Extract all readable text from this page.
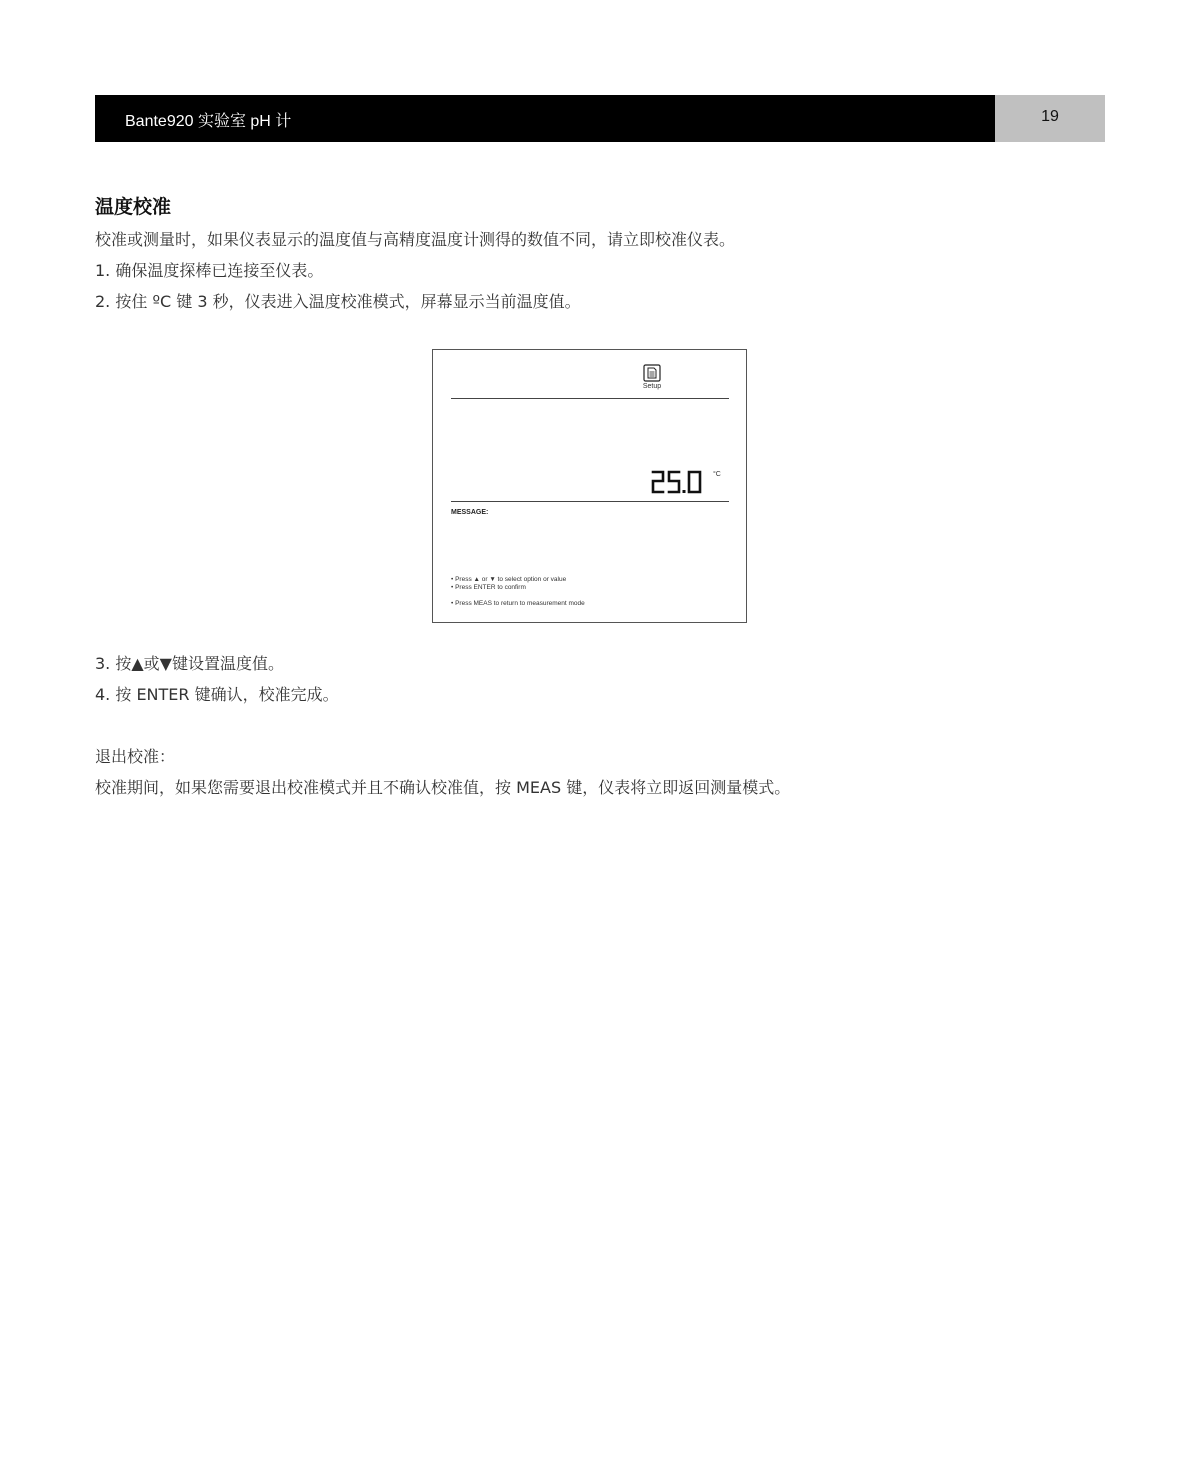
Bante920 实验室 pH 计	19
温度校准
校准或测量时，如果仪表显示的温度值与高精度温度计测得的数值不同，请立即校准仪表。
1. 确保温度探棒已连接至仪表。
2. 按住 ºC 键 3 秒，仪表进入温度校准模式，屏幕显示当前温度值。
Setup
°C
MESSAGE:
• Press ▲ or ▼ to select option or value
• Press ENTER to confirm
• Press MEAS to return to measurement mode
3. 按▲或▼键设置温度值。
4. 按 ENTER 键确认，校准完成。
退出校准：
校准期间，如果您需要退出校准模式并且不确认校准值，按 MEAS 键，仪表将立即返回测量模式。
